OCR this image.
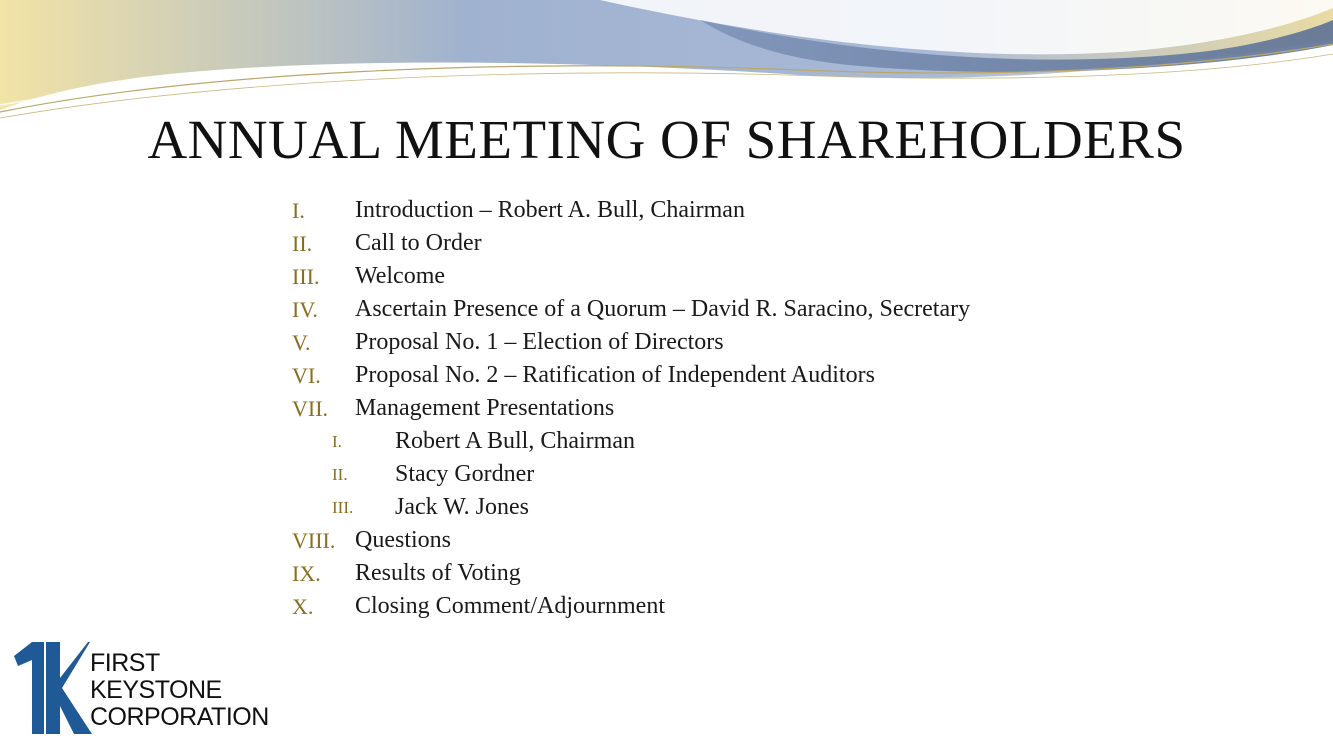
ANNUAL MEETING OF SHAREHOLDERS
I. Introduction – Robert A. Bull, Chairman
II. Call to Order
III. Welcome
IV. Ascertain Presence of a Quorum – David R. Saracino, Secretary
V. Proposal No. 1 – Election of Directors
VI. Proposal No. 2 – Ratification of Independent Auditors
VII. Management Presentations
I. Robert A Bull, Chairman
II. Stacy Gordner
III. Jack W. Jones
VIII. Questions
IX. Results of Voting
X. Closing Comment/Adjournment
FIRST
KEYSTONE
CORPORATION
